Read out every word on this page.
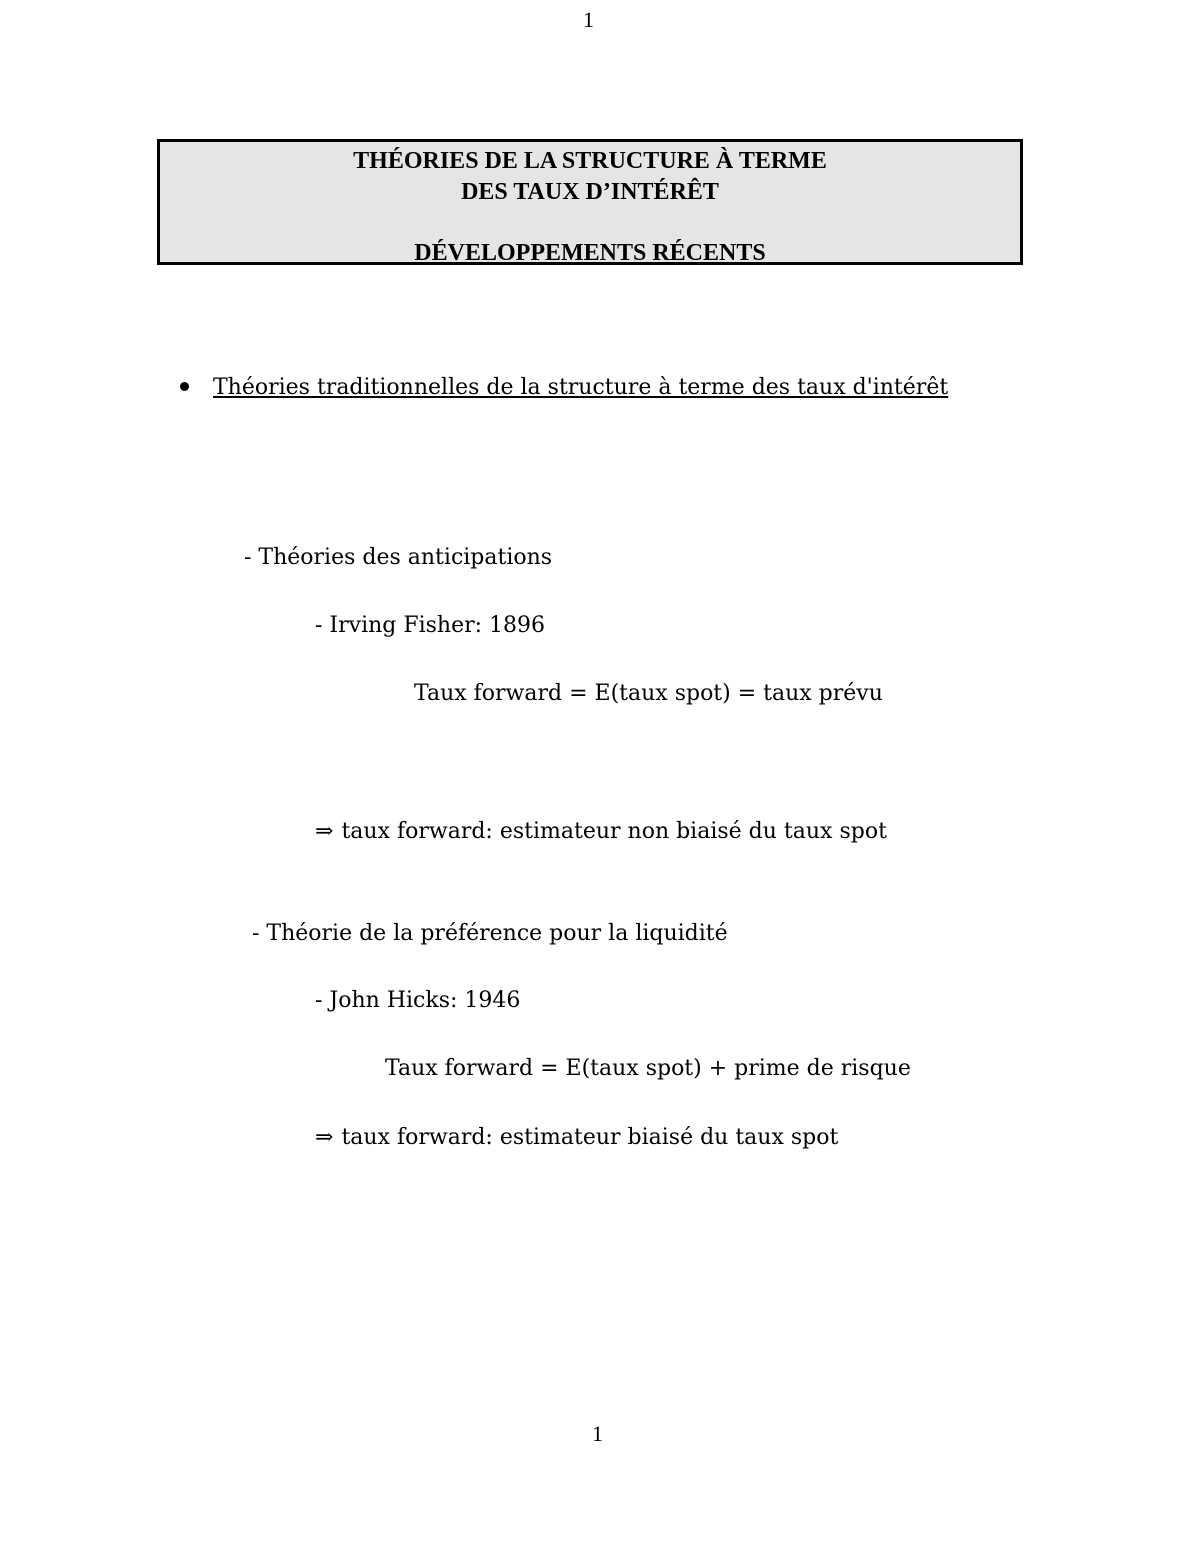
1
THÉORIES DE LA STRUCTURE À TERME
DES TAUX D’INTÉRÊT
DÉVELOPPEMENTS RÉCENTS
Théories traditionnelles de la structure à terme des taux d'intérêt
- Théories des anticipations
- Irving Fisher: 1896
Taux forward = E(taux spot) = taux prévu
⇒ taux forward: estimateur non biaisé du taux spot
- Théorie de la préférence pour la liquidité
- John Hicks: 1946
Taux forward = E(taux spot) + prime de risque
⇒ taux forward: estimateur biaisé du taux spot
1
